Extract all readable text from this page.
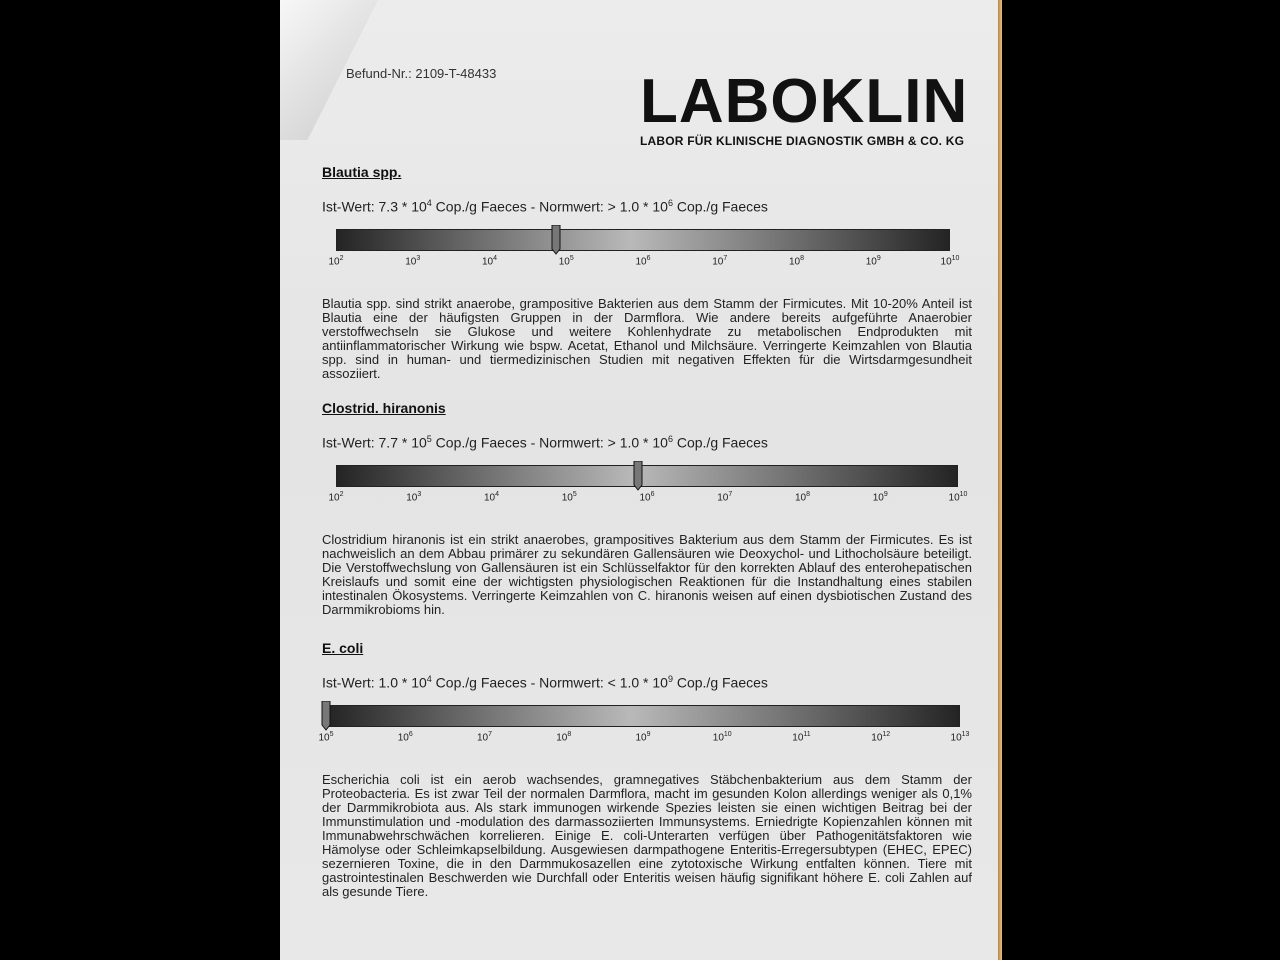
Befund-Nr.: 2109-T-48433 LABOKLIN
LABOR FÜR KLINISCHE DIAGNOSTIK GMBH & CO. KG
Blautia spp.
Ist-Wert: $7.3 * 10^4$ Cop./g Faeces - Normwert: > $1.0 * 10^6$ Cop./g Faeces
$10^2$	$10^3$	$10^4$	$10^5$	$10^6$	$10^7$	$10^8$	$10^9$	$10^{10}$
Blautia spp. sind strikt anaerobe, grampositive Bakterien aus dem Stamm der Firmicutes. Mit 10-20% Anteil ist Blautia eine der häufigsten Gruppen in der Darmflora. Wie andere bereits aufgeführte Anaerobier verstoffwechseln sie Glukose und weitere Kohlenhydrate zu metabolischen Endprodukten mit antiinflammatorischer Wirkung wie bspw. Acetat, Ethanol und Milchsäure. Verringerte Keimzahlen von Blautia spp. sind in human- und tiermedizinischen Studien mit negativen Effekten für die Wirtsdarmgesundheit assoziiert.
Clostrid. hiranonis
Ist-Wert: $7.7 * 10^5$ Cop./g Faeces - Normwert: > $1.0 * 10^6$ Cop./g Faeces
$10^2$	$10^3$	$10^4$	$10^5$	$10^6$	$10^7$	$10^8$	$10^9$	$10^{10}$
Clostridium hiranonis ist ein strikt anaerobes, grampositives Bakterium aus dem Stamm der Firmicutes. Es ist nachweislich an dem Abbau primärer zu sekundären Gallensäuren wie Deoxychol- und Lithocholsäure beteiligt. Die Verstoffwechslung von Gallensäuren ist ein Schlüsselfaktor für den korrekten Ablauf des enterohepatischen Kreislaufs und somit eine der wichtigsten physiologischen Reaktionen für die Instandhaltung eines stabilen intestinalen Ökosystems. Verringerte Keimzahlen von C. hiranonis weisen auf einen dysbiotischen Zustand des Darmmikrobioms hin.
E. coli
Ist-Wert: $1.0 * 10^4$ Cop./g Faeces - Normwert: < $1.0 * 10^9$ Cop./g Faeces
$10^5$	$10^6$	$10^7$	$10^8$	$10^9$	$10^{10}$	$10^{11}$	$10^{12}$	$10^{13}$
Escherichia coli ist ein aerob wachsendes, gramnegatives Stäbchenbakterium aus dem Stamm der Proteobacteria. Es ist zwar Teil der normalen Darmflora, macht im gesunden Kolon allerdings weniger als 0,1% der Darmmikrobiota aus. Als stark immunogen wirkende Spezies leisten sie einen wichtigen Beitrag bei der Immunstimulation und -modulation des darmassoziierten Immunsystems. Erniedrigte Kopienzahlen können mit Immunabwehrschwächen korrelieren. Einige E. coli-Unterarten verfügen über Pathogenitätsfaktoren wie Hämolyse oder Schleimkapselbildung. Ausgewiesen darmpathogene Enteritis-Erregersubtypen (EHEC, EPEC) sezernieren Toxine, die in den Darmmukosazellen eine zytotoxische Wirkung entfalten können. Tiere mit gastrointestinalen Beschwerden wie Durchfall oder Enteritis weisen häufig signifikant höhere E. coli Zahlen auf als gesunde Tiere.
